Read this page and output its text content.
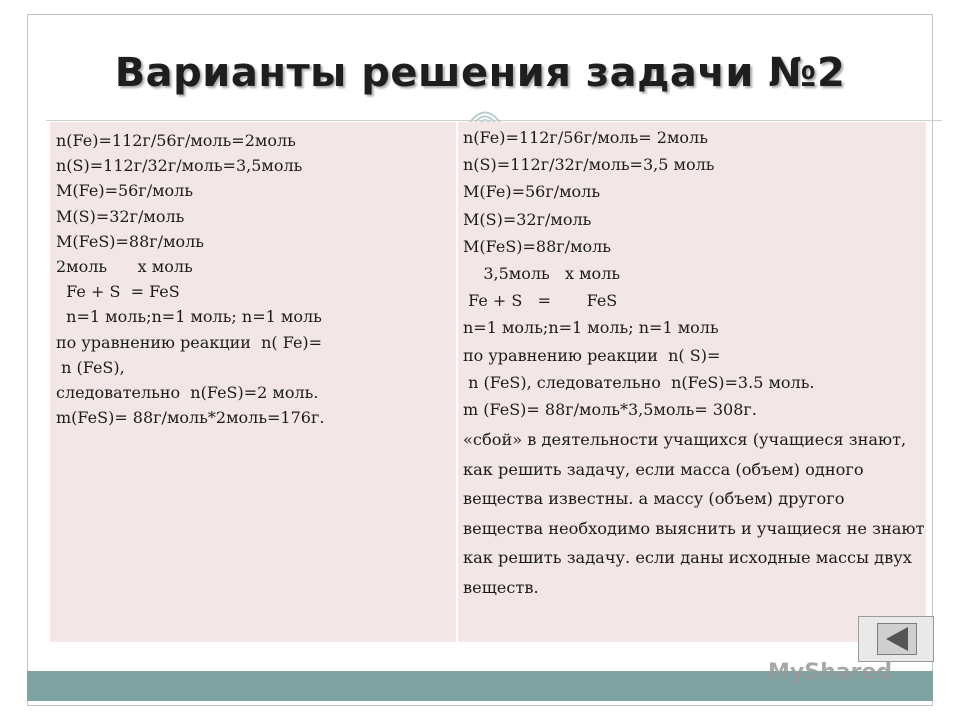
Варианты решения задачи №2
n(Fe)=112г/56г/моль=2моль
n(S)=112г/32г/моль=3,5моль
M(Fe)=56г/моль
M(S)=32г/моль
M(FeS)=88г/моль
2моль      х моль
Fe + S  = FeS
n=1 моль;n=1 моль; n=1 моль
по уравнению реакции  n( Fe)=
n (FeS),
следовательно  n(FeS)=2 моль.
m(FeS)= 88г/моль*2моль=176г.
n(Fe)=112г/56г/моль= 2моль
n(S)=112г/32г/моль=3,5 моль
M(Fe)=56г/моль
M(S)=32г/моль
M(FeS)=88г/моль
3,5моль   х моль
Fe + S   =       FeS
n=1 моль;n=1 моль; n=1 моль
по уравнению реакции  n( S)=
n (FeS), следовательно  n(FeS)=3.5 моль.
m (FeS)= 88г/моль*3,5моль= 308г.
«сбой» в деятельности учащихся (учащиеся знают, как решить задачу, если масса (объем) одного вещества известны. а массу (объем) другого вещества необходимо выяснить и учащиеся не знают как решить задачу. если даны исходные массы двух веществ.
MyShared
